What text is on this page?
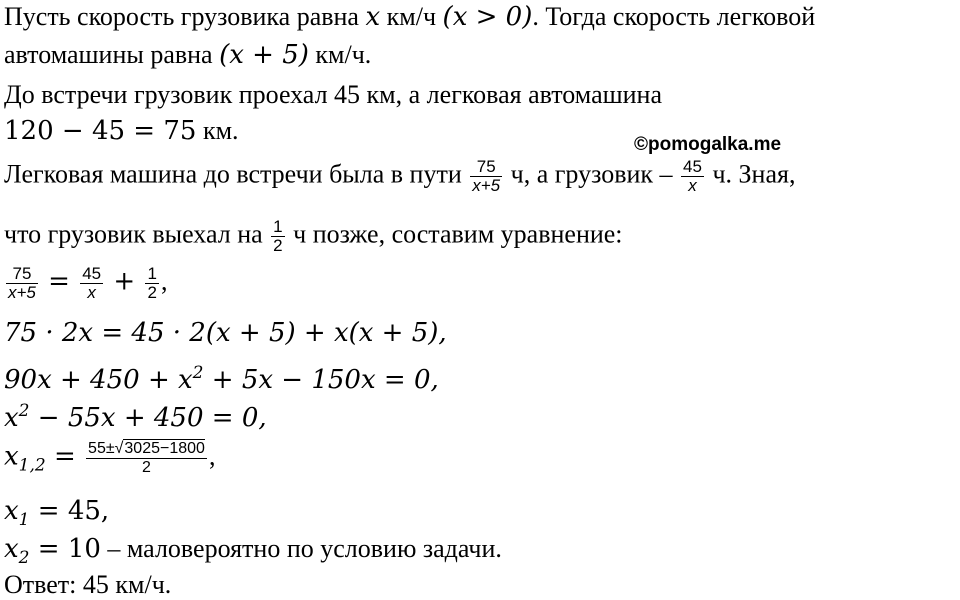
©pomogalka.me
Пусть скорость грузовика равна x км/ч (x > 0). Тогда скорость легковой
автомашины равна (x + 5) км/ч.
До встречи грузовик проехал 45 км, а легковая автомашина
120 − 45 = 75 км.
Легковая машина до встречи была в пути $\frac{75}{x+5} ч$, а грузовик – $\frac{45}{x} ч$. Зная,
что грузовик выехал на $\frac{1}{2}$ ч позже, составим уравнение:
$\frac{75}{x+5} = \frac{45}{x} + \frac{1}{2}$ ,
75 · 2x = 45 · 2(x + 5) + x(x + 5),
$90x + 450 + x^2 + 5x - 150x = 0$,
$x^2 - 55x + 450 = 0$,
$x_{1,2} = \frac{55\pm√3025-1800}{2}$ ,
$x_1 = 45$,
$x_2 = 10$ – маловероятно по условию задачи.
Ответ: 45 км/ч.
